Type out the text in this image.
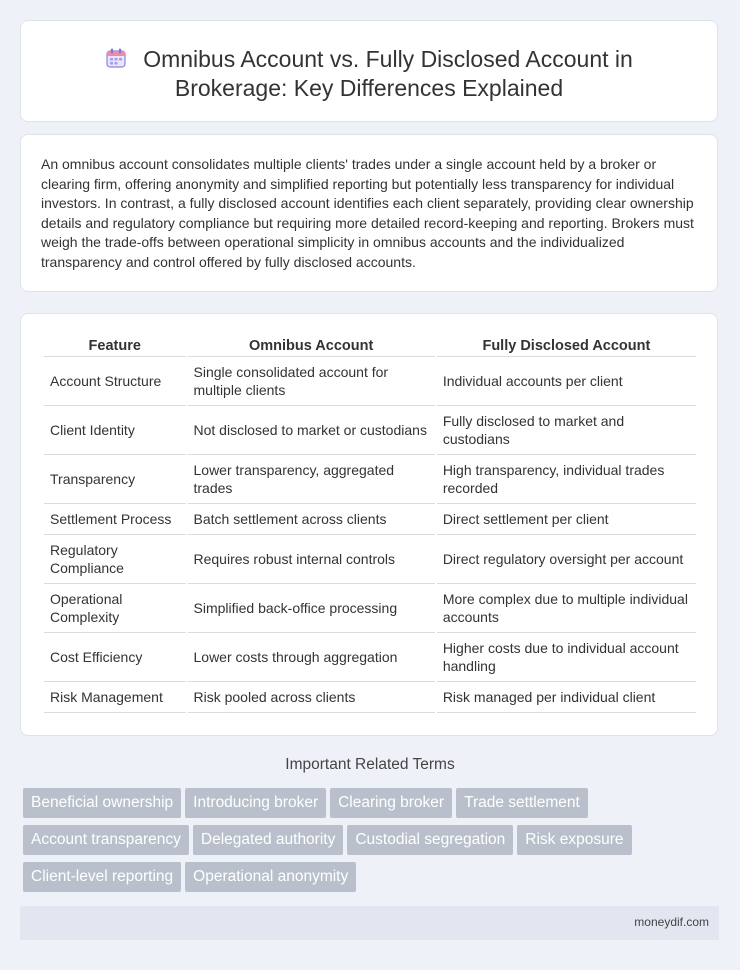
Omnibus Account vs. Fully Disclosed Account in
Brokerage: Key Differences Explained

An omnibus account consolidates multiple clients' trades under a single account held by a broker or clearing firm, offering anonymity and simplified reporting but potentially less transparency for individual investors. In contrast, a fully disclosed account identifies each client separately, providing clear ownership details and regulatory compliance but requiring more detailed record-keeping and reporting. Brokers must weigh the trade-offs between operational simplicity in omnibus accounts and the individualized transparency and control offered by fully disclosed accounts.

Feature	Omnibus Account	Fully Disclosed Account
Account Structure	Single consolidated account for multiple clients	Individual accounts per client
Client Identity	Not disclosed to market or custodians	Fully disclosed to market and custodians
Transparency	Lower transparency, aggregated trades	High transparency, individual trades recorded
Settlement Process	Batch settlement across clients	Direct settlement per client
Regulatory Compliance	Requires robust internal controls	Direct regulatory oversight per account
Operational Complexity	Simplified back-office processing	More complex due to multiple individual accounts
Cost Efficiency	Lower costs through aggregation	Higher costs due to individual account handling
Risk Management	Risk pooled across clients	Risk managed per individual client
Important Related Terms
Beneficial ownership Introducing broker Clearing broker Trade settlement
Account transparency Delegated authority Custodial segregation Risk exposure
Client-level reporting Operational anonymity
moneydif.com
